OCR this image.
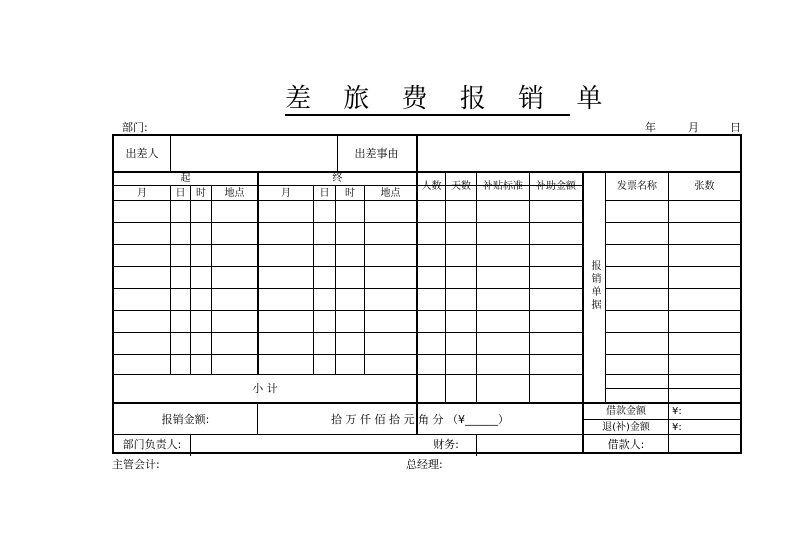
差 旅 费 报 销 单
部门:	年	月	日
出差人	出差事由
起	终
月	日	时	地点	月	日	时	地点
人数 天数	补贴标准	补助金额
报销单据
发票名称	张数
小 计
报销金额:	拾 万 仟 佰 拾 元 角 分 （¥______）
借款金额	¥:
退(补)金额	¥:
部门负责人:	财务:	借款人:
主管会计:	总经理:
